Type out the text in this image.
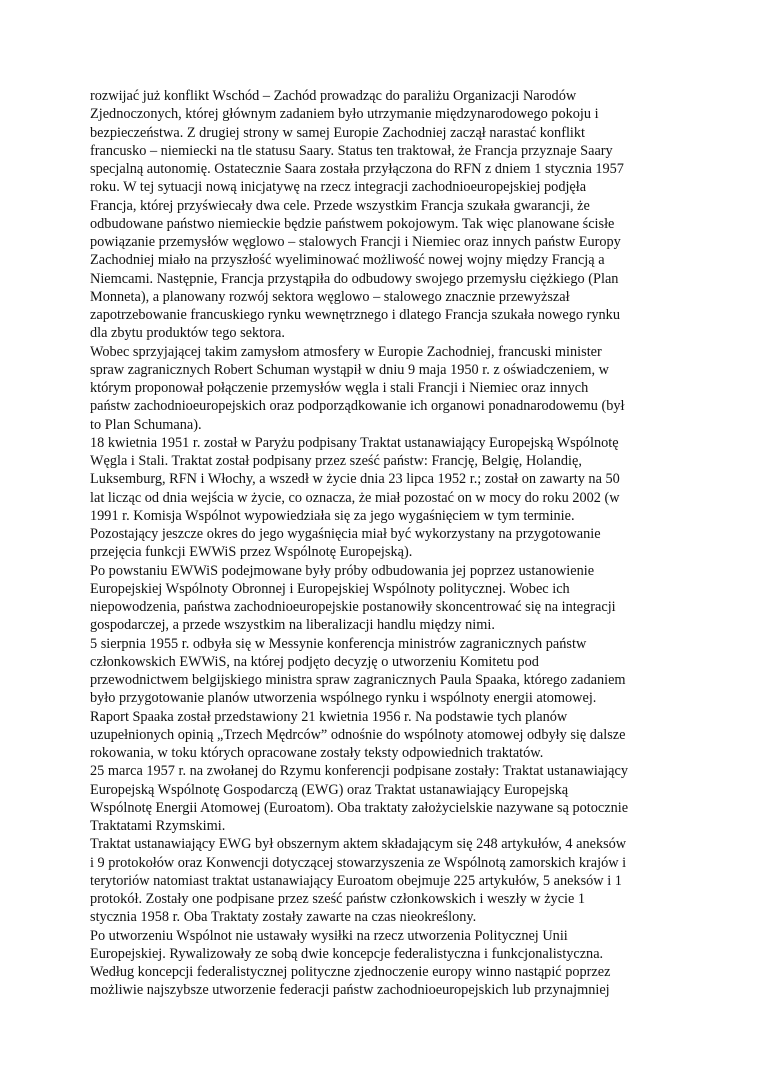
rozwijać już konflikt Wschód – Zachód prowadząc do paraliżu Organizacji Narodów
Zjednoczonych, której głównym zadaniem było utrzymanie międzynarodowego pokoju i
bezpieczeństwa. Z drugiej strony w samej Europie Zachodniej zaczął narastać konflikt
francusko – niemiecki na tle statusu Saary. Status ten traktował, że Francja przyznaje Saary
specjalną autonomię. Ostatecznie Saara została przyłączona do RFN z dniem 1 stycznia 1957
roku. W tej sytuacji nową inicjatywę na rzecz integracji zachodnioeuropejskiej podjęła
Francja, której przyświecały dwa cele. Przede wszystkim Francja szukała gwarancji, że
odbudowane państwo niemieckie będzie państwem pokojowym. Tak więc planowane ścisłe
powiązanie przemysłów węglowo – stalowych Francji i Niemiec oraz innych państw Europy
Zachodniej miało na przyszłość wyeliminować możliwość nowej wojny między Francją a
Niemcami. Następnie, Francja przystąpiła do odbudowy swojego przemysłu ciężkiego (Plan
Monneta), a planowany rozwój sektora węglowo – stalowego znacznie przewyższał
zapotrzebowanie francuskiego rynku wewnętrznego i dlatego Francja szukała nowego rynku
dla zbytu produktów tego sektora.
Wobec sprzyjającej takim zamysłom atmosfery w Europie Zachodniej, francuski minister
spraw zagranicznych Robert Schuman wystąpił w dniu 9 maja 1950 r. z oświadczeniem, w
którym proponował połączenie przemysłów węgla i stali Francji i Niemiec oraz innych
państw zachodnioeuropejskich oraz podporządkowanie ich organowi ponadnarodowemu (był
to Plan Schumana).
18 kwietnia 1951 r. został w Paryżu podpisany Traktat ustanawiający Europejską Wspólnotę
Węgla i Stali. Traktat został podpisany przez sześć państw: Francję, Belgię, Holandię,
Luksemburg, RFN i Włochy, a wszedł w życie dnia 23 lipca 1952 r.; został on zawarty na 50
lat licząc od dnia wejścia w życie, co oznacza, że miał pozostać on w mocy do roku 2002 (w
1991 r. Komisja Wspólnot wypowiedziała się za jego wygaśnięciem w tym terminie.
Pozostający jeszcze okres do jego wygaśnięcia miał być wykorzystany na przygotowanie
przejęcia funkcji EWWiS przez Wspólnotę Europejską).
Po powstaniu EWWiS podejmowane były próby odbudowania jej poprzez ustanowienie
Europejskiej Wspólnoty Obronnej i Europejskiej Wspólnoty politycznej. Wobec ich
niepowodzenia, państwa zachodnioeuropejskie postanowiły skoncentrować się na integracji
gospodarczej, a przede wszystkim na liberalizacji handlu między nimi.
5 sierpnia 1955 r. odbyła się w Messynie konferencja ministrów zagranicznych państw
członkowskich EWWiS, na której podjęto decyzję o utworzeniu Komitetu pod
przewodnictwem belgijskiego ministra spraw zagranicznych Paula Spaaka, którego zadaniem
było przygotowanie planów utworzenia wspólnego rynku i wspólnoty energii atomowej.
Raport Spaaka został przedstawiony 21 kwietnia 1956 r. Na podstawie tych planów
uzupełnionych opinią „Trzech Mędrców” odnośnie do wspólnoty atomowej odbyły się dalsze
rokowania, w toku których opracowane zostały teksty odpowiednich traktatów.
25 marca 1957 r. na zwołanej do Rzymu konferencji podpisane zostały: Traktat ustanawiający
Europejską Wspólnotę Gospodarczą (EWG) oraz Traktat ustanawiający Europejską
Wspólnotę Energii Atomowej (Euroatom). Oba traktaty założycielskie nazywane są potocznie
Traktatami Rzymskimi.
Traktat ustanawiający EWG był obszernym aktem składającym się 248 artykułów, 4 aneksów
i 9 protokołów oraz Konwencji dotyczącej stowarzyszenia ze Wspólnotą zamorskich krajów i
terytoriów natomiast traktat ustanawiający Euroatom obejmuje 225 artykułów, 5 aneksów i 1
protokół. Zostały one podpisane przez sześć państw członkowskich i weszły w życie 1
stycznia 1958 r. Oba Traktaty zostały zawarte na czas nieokreślony.
Po utworzeniu Wspólnot nie ustawały wysiłki na rzecz utworzenia Politycznej Unii
Europejskiej. Rywalizowały ze sobą dwie koncepcje federalistyczna i funkcjonalistyczna.
Według koncepcji federalistycznej polityczne zjednoczenie europy winno nastąpić poprzez
możliwie najszybsze utworzenie federacji państw zachodnioeuropejskich lub przynajmniej
